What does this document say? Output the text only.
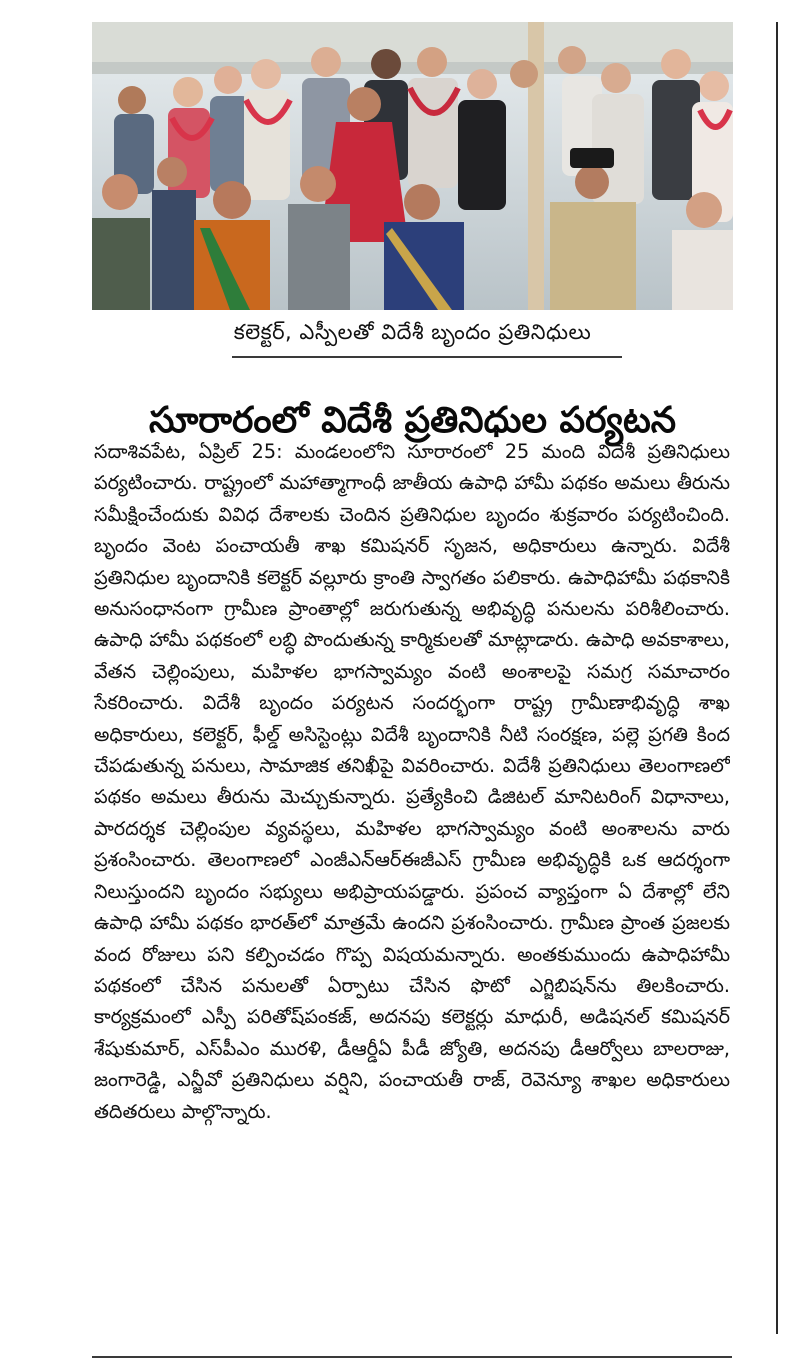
కలెక్టర్, ఎస్పీలతో విదేశీ బృందం ప్రతినిధులు
సూరారంలో విదేశీ ప్రతినిధుల పర్యటన

సదాశివపేట, ఏప్రిల్ 25: మండలంలోని సూరారంలో 25 మంది విదేశీ ప్రతినిధులు పర్యటించారు. రాష్ట్రంలో మహాత్మాగాంధీ జాతీయ ఉపాధి హామీ పథకం అమలు తీరును సమీక్షించేందుకు వివిధ దేశాలకు చెందిన ప్రతినిధుల బృందం శుక్రవారం పర్యటించింది. బృందం వెంట పంచాయతీ శాఖ కమిషనర్ సృజన, అధికారులు ఉన్నారు. విదేశీ ప్రతినిధుల బృందానికి కలెక్టర్ వల్లూరు క్రాంతి స్వాగతం పలికారు. ఉపాధిహామీ పథకానికి అనుసంధానంగా గ్రామీణ ప్రాంతాల్లో జరుగుతున్న అభివృద్ధి పనులను పరిశీలించారు. ఉపాధి హామీ పథకంలో లబ్ధి పొందుతున్న కార్మికులతో మాట్లాడారు. ఉపాధి అవకాశాలు, వేతన చెల్లింపులు, మహిళల భాగస్వామ్యం వంటి అంశాలపై సమగ్ర సమాచారం సేకరించారు. విదేశీ బృందం పర్యటన సందర్భంగా రాష్ట్ర గ్రామీణాభివృద్ధి శాఖ అధికారులు, కలెక్టర్, ఫీల్డ్ అసిస్టెంట్లు విదేశీ బృందానికి నీటి సంరక్షణ, పల్లె ప్రగతి కింద చేపడుతున్న పనులు, సామాజిక తనిఖీపై వివరించారు. విదేశీ ప్రతినిధులు తెలంగాణలో పథకం అమలు తీరును మెచ్చుకున్నారు. ప్రత్యేకించి డిజిటల్ మానిటరింగ్ విధానాలు, పారదర్శక చెల్లింపుల వ్యవస్థలు, మహిళల భాగస్వామ్యం వంటి అంశాలను వారు ప్రశంసించారు. తెలంగాణలో ఎంజీఎన్ఆర్ఈజీఎస్ గ్రామీణ అభివృద్ధికి ఒక ఆదర్శంగా నిలుస్తుందని బృందం సభ్యులు అభిప్రాయపడ్డారు. ప్రపంచ వ్యాప్తంగా ఏ దేశాల్లో లేని ఉపాధి హామీ పథకం భారత్‌లో మాత్రమే ఉందని ప్రశంసించారు. గ్రామీణ ప్రాంత ప్రజలకు వంద రోజులు పని కల్పించడం గొప్ప విషయమన్నారు. అంతకుముందు ఉపాధిహామీ పథకంలో చేసిన పనులతో ఏర్పాటు చేసిన ఫొటో ఎగ్జిబిషన్‌ను తిలకించారు. కార్యక్రమంలో ఎస్పీ పరితోష్‌పంకజ్, అదనపు కలెక్టర్లు మాధురీ, అడిషనల్ కమిషనర్ శేషుకుమార్, ఎస్‌పీఎం మురళి, డీఆర్డీఏ పీడీ జ్యోతి, అదనపు డీఆర్వోలు బాలరాజు, జంగారెడ్డి, ఎన్జీవో ప్రతినిధులు వర్షిని, పంచాయతీ రాజ్, రెవెన్యూ శాఖల అధికారులు తదితరులు పాల్గొన్నారు.
